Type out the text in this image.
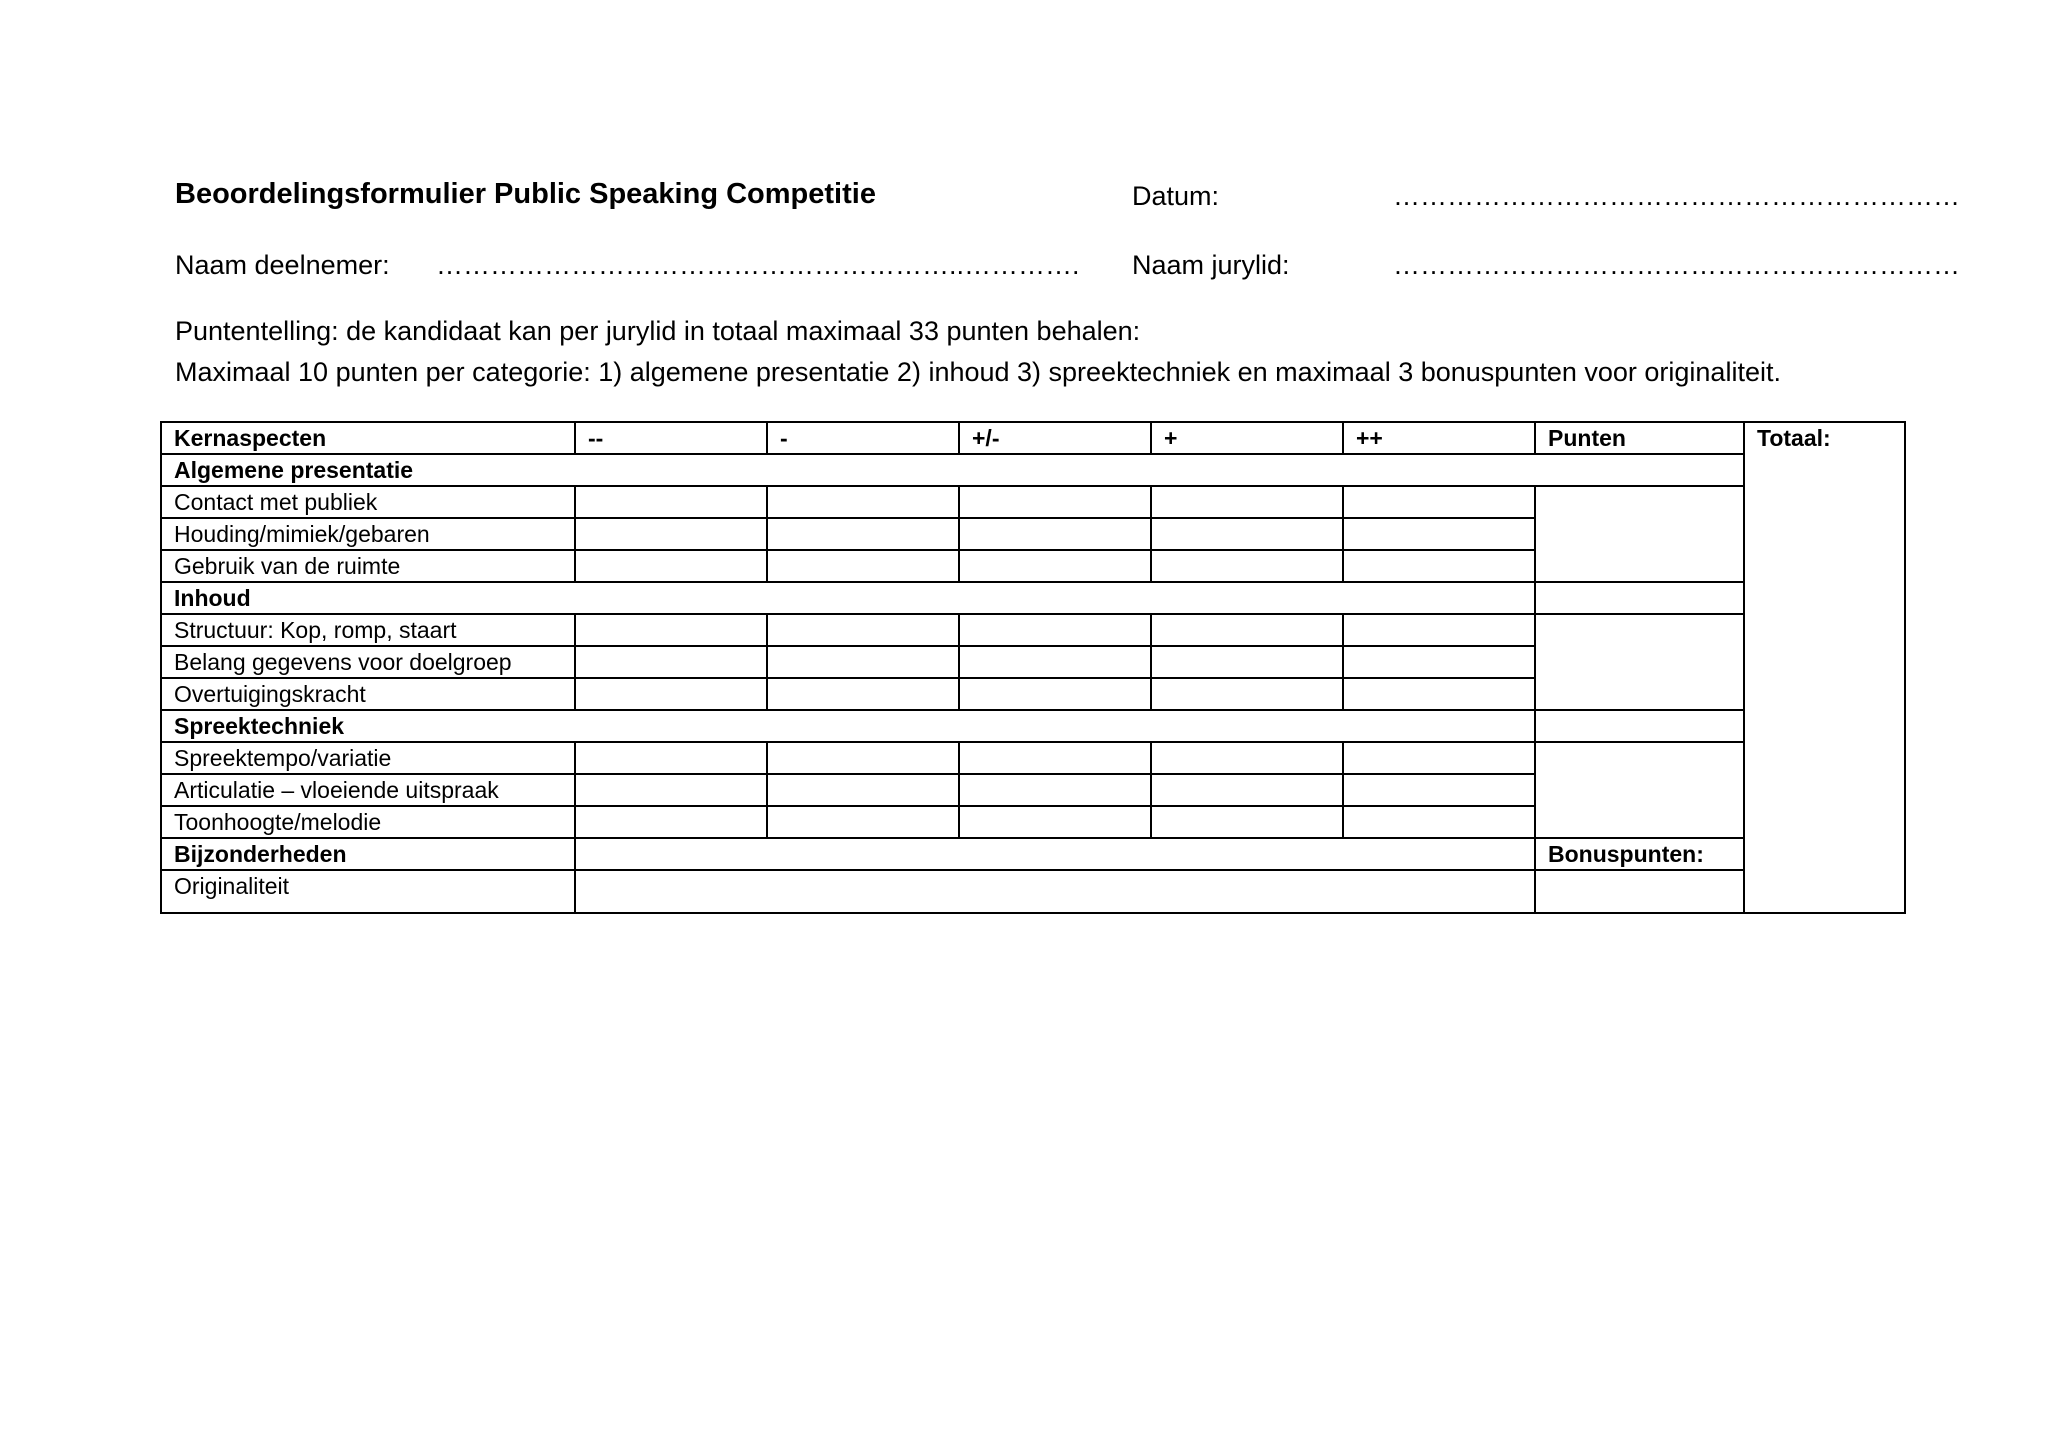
Beoordelingsformulier Public Speaking Competitie	Datum:	………………………………………………………
Naam deelnemer: …………………………………………………..…………. Naam jurylid:	………………………………………………………
Puntentelling: de kandidaat kan per jurylid in totaal maximaal 33 punten behalen:
Maximaal 10 punten per categorie: 1) algemene presentatie 2) inhoud 3) spreektechniek en maximaal 3 bonuspunten voor originaliteit.
Kernaspecten	--	-	+/-	+	++	Punten	Totaal:
Algemene presentatie							
Contact met publiek							
Houding/mimiek/gebaren							
Gebruik van de ruimte							
Inhoud							
Structuur: Kop, romp, staart							
Belang gegevens voor doelgroep							
Overtuigingskracht							
Spreektechniek							
Spreektempo/variatie							
Articulatie – vloeiende uitspraak							
Toonhoogte/melodie							
Bijzonderheden						Bonuspunten:	
Originaliteit							
